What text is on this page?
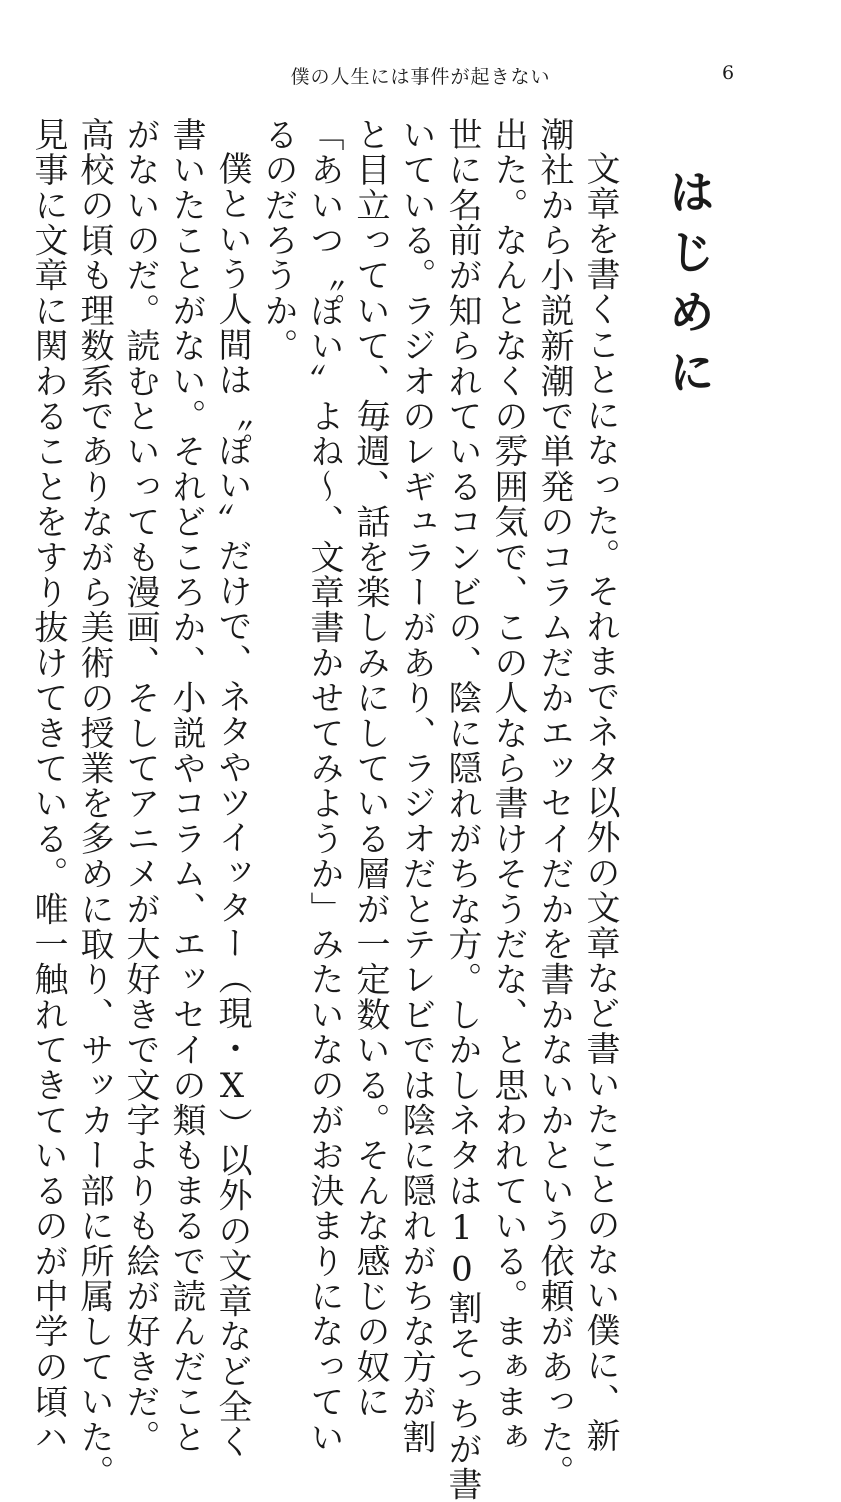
僕の人生には事件が起きない	6
はじめに
文章を書くことになった。それまでネタ以外の文章など書いたことのない僕に、新
潮社から小説新潮で単発のコラムだかエッセイだかを書かないかという依頼があった。
出た。なんとなくの雰囲気で、この人なら書けそうだな、と思われている。まぁまぁ
世に名前が知られているコンビの、陰に隠れがちな方。しかしネタは10割そっちが書
いている。ラジオのレギュラーがあり、ラジオだとテレビでは陰に隠れがちな方が割
と目立っていて、毎週、話を楽しみにしている層が一定数いる。そんな感じの奴に
「あいつ〝ぽい〟よね〜、文章書かせてみようか」みたいなのがお決まりになってい
るのだろうか。
僕という人間は〝ぽい〟だけで、ネタやツイッター（現・X）以外の文章など全く
書いたことがない。それどころか、小説やコラム、エッセイの類もまるで読んだこと
がないのだ。読むといっても漫画、そしてアニメが大好きで文字よりも絵が好きだ。
高校の頃も理数系でありながら美術の授業を多めに取り、サッカー部に所属していた。
見事に文章に関わることをすり抜けてきている。唯一触れてきているのが中学の頃ハ
